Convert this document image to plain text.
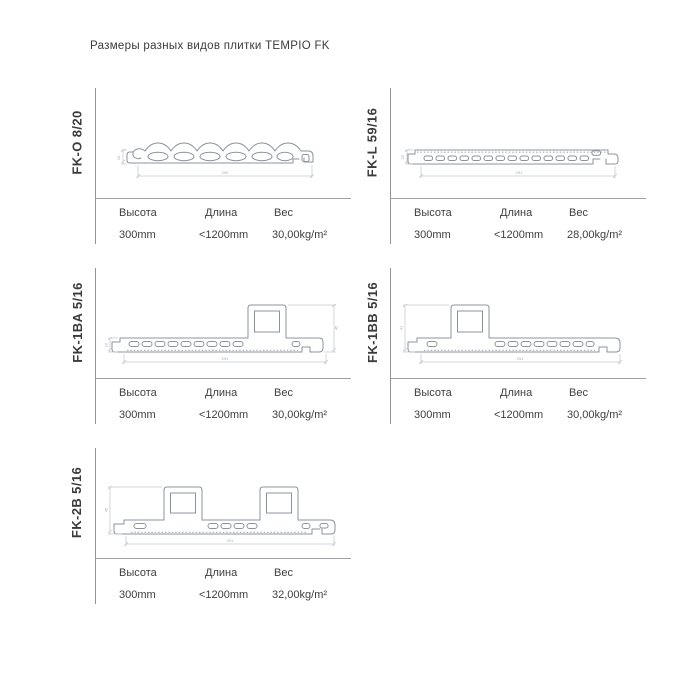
Размеры разных видов плитки TEMPIO FK
FK-O 8/20	292
20
Высота	Длина	Вес
300mm	<1200mm 30,00kg/m²
FK-L 59/16	291
16
Высота	Длина	Вес
300mm	<1200mm 28,00kg/m²
FK-1BA 5/16	291
16
45
Высота	Длина	Вес
300mm	<1200mm 30,00kg/m²
FK-1BB 5/16	291
41
Высота	Длина	Вес
300mm	<1200mm 30,00kg/m²
FK-2B 5/16
291
45
Высота	Длина	Вес
300mm	<1200mm 32,00kg/m²
